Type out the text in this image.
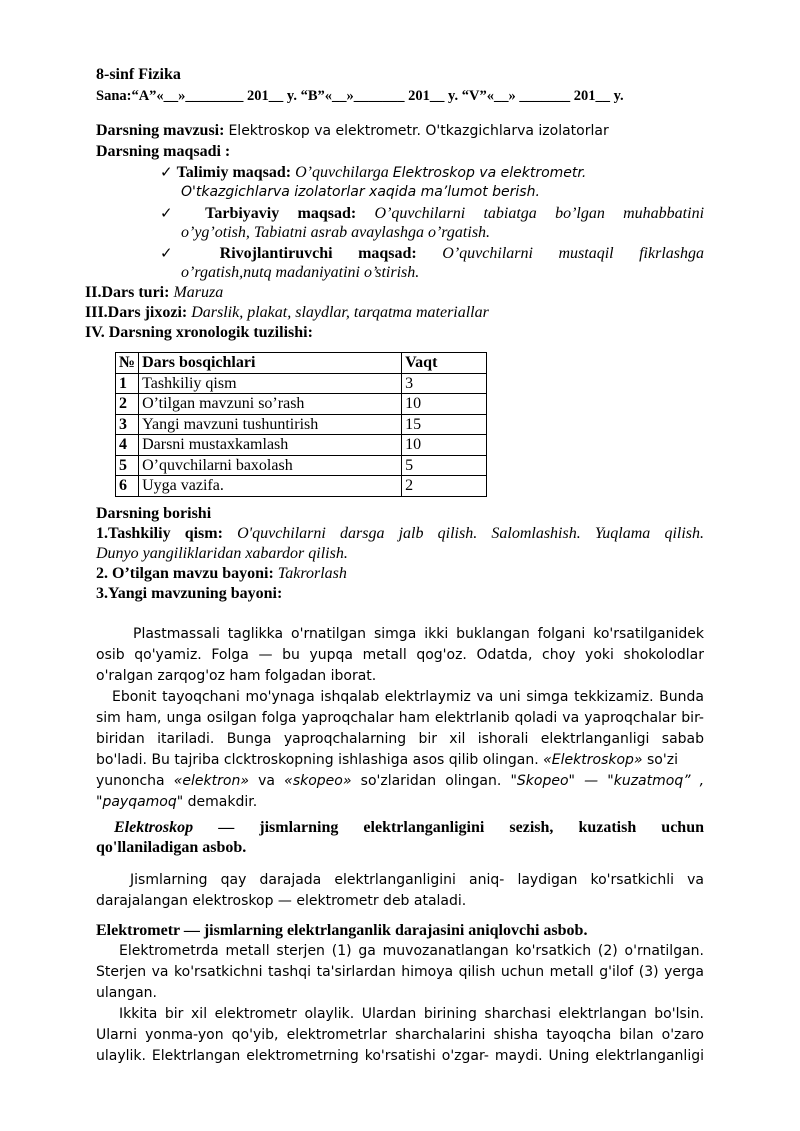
8-sinf Fizika
Sana:“A”«__»________ 201__ y. “B”«__»_______ 201__ y. “V”«__» _______ 201__ y.
Darsning mavzusi: Elektroskop va elektrometr. O'tkazgichlarva izolatorlar
Darsning maqsadi :
✓ Talimiy maqsad: O’quvchilarga Elektroskop va elektrometr.
O'tkazgichlarva izolatorlar xaqida ma’lumot berish.
✓ Tarbiyaviy maqsad: O’quvchilarni tabiatga bo’lgan muhabbatini
o’yg’otish, Tabiatni asrab avaylashga o’rgatish.
✓ Rivojlantiruvchi maqsad: O’quvchilarni mustaqil fikrlashga
o’rgatish,nutq madaniyatini o’stirish.
II.Dars turi: Maruza
III.Dars jixozi: Darslik, plakat, slaydlar, tarqatma materiallar
IV. Darsning xronologik tuzilishi:
№	Dars bosqichlari	Vaqt
1	Tashkiliy qism	3
2	O’tilgan mavzuni so’rash	10
3	Yangi mavzuni tushuntirish	15
4	Darsni mustaxkamlash	10
5	O’quvchilarni baxolash	5
6	Uyga vazifa.	2
Darsning borishi
1.Tashkiliy qism: O'quvchilarni darsga jalb qilish. Salomlashish. Yuqlama qilish.
Dunyo yangiliklaridan xabardor qilish.
2. O’tilgan mavzu bayoni: Takrorlash
3.Yangi mavzuning bayoni:
Plastmassali taglikka o'rnatilgan simga ikki buklangan folgani ko'rsatilganidek
osib qo'yamiz. Folga — bu yupqa metall qog'oz. Odatda, choy yoki shokolodlar
o'ralgan zarqog'oz ham folgadan iborat.
Ebonit tayoqchani mo'ynaga ishqalab elektrlaymiz va uni simga tekkizamiz. Bunda
sim ham, unga osilgan folga yaproqchalar ham elektrlanib qoladi va yaproqchalar bir-
biridan itariladi. Bunga yaproqchalarning bir xil ishorali elektrlanganligi sabab
bo'ladi. Bu tajriba clcktroskopning ishlashiga asos qilib olingan. «Elektroskop» so'zi
yunoncha «elektron» va «skopeo» so'zlaridan olingan. "Skopeo" — "kuzatmoq” ,
"payqamoq" demakdir.
Elektroskop — jismlarning elektrlanganligini sezish, kuzatish uchun
qo'llaniladigan asbob.
Jismlarning qay darajada elektrlanganligini aniq- laydigan ko'rsatkichli va
darajalangan elektroskop — elektrometr deb ataladi.
Elektrometr — jismlarning elektrlanganlik darajasini aniqlovchi asbob.
Elektrometrda metall sterjen (1) ga muvozanatlangan ko'rsatkich (2) o'rnatilgan.
Sterjen va ko'rsatkichni tashqi ta'sirlardan himoya qilish uchun metall g'ilof (3) yerga
ulangan.
Ikkita bir xil elektrometr olaylik. Ulardan birining sharchasi elektrlangan bo'lsin.
Ularni yonma-yon qo'yib, elektrometrlar sharchalarini shisha tayoqcha bilan o'zaro
ulaylik. Elektrlangan elektrometrning ko'rsatishi o'zgar- maydi. Uning elektrlanganligi
